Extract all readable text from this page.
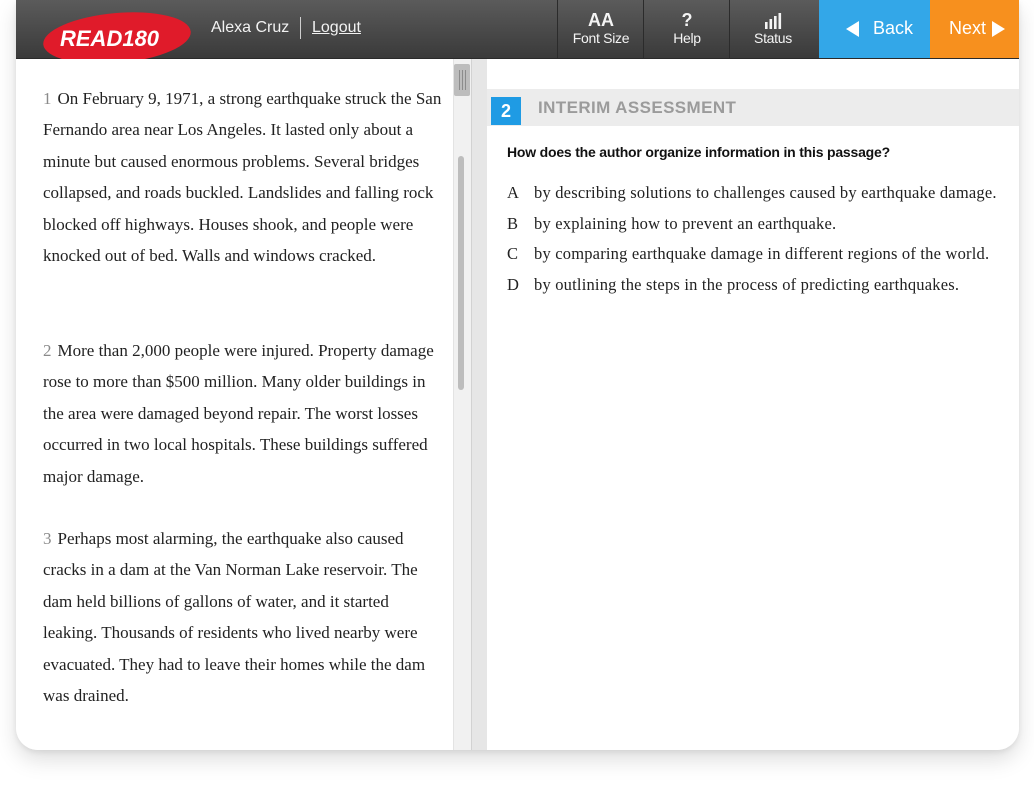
READ180	Alexa Cruz Logout	AA
Font Size
?
Help	Status	Back Next
1 On February 9, 1971, a strong earthquake struck the San Fernando area near Los Angeles. It lasted only about a minute but caused enormous problems. Several bridges collapsed, and roads buckled. Landslides and falling rock blocked off highways. Houses shook, and people were knocked out of bed. Walls and windows cracked.
2 More than 2,000 people were injured. Property damage rose to more than $500 million. Many older buildings in the area were damaged beyond repair. The worst losses occurred in two local hospitals. These buildings suffered major damage.
3 Perhaps most alarming, the earthquake also caused cracks in a dam at the Van Norman Lake reservoir. The dam held billions of gallons of water, and it started leaking. Thousands of residents who lived nearby were evacuated. They had to leave their homes while the dam was drained.
2	INTERIM ASSESSMENT
How does the author organize information in this passage?
A by describing solutions to challenges caused by earthquake damage.
B by explaining how to prevent an earthquake.
C by comparing earthquake damage in different regions of the world.
D by outlining the steps in the process of predicting earthquakes.
